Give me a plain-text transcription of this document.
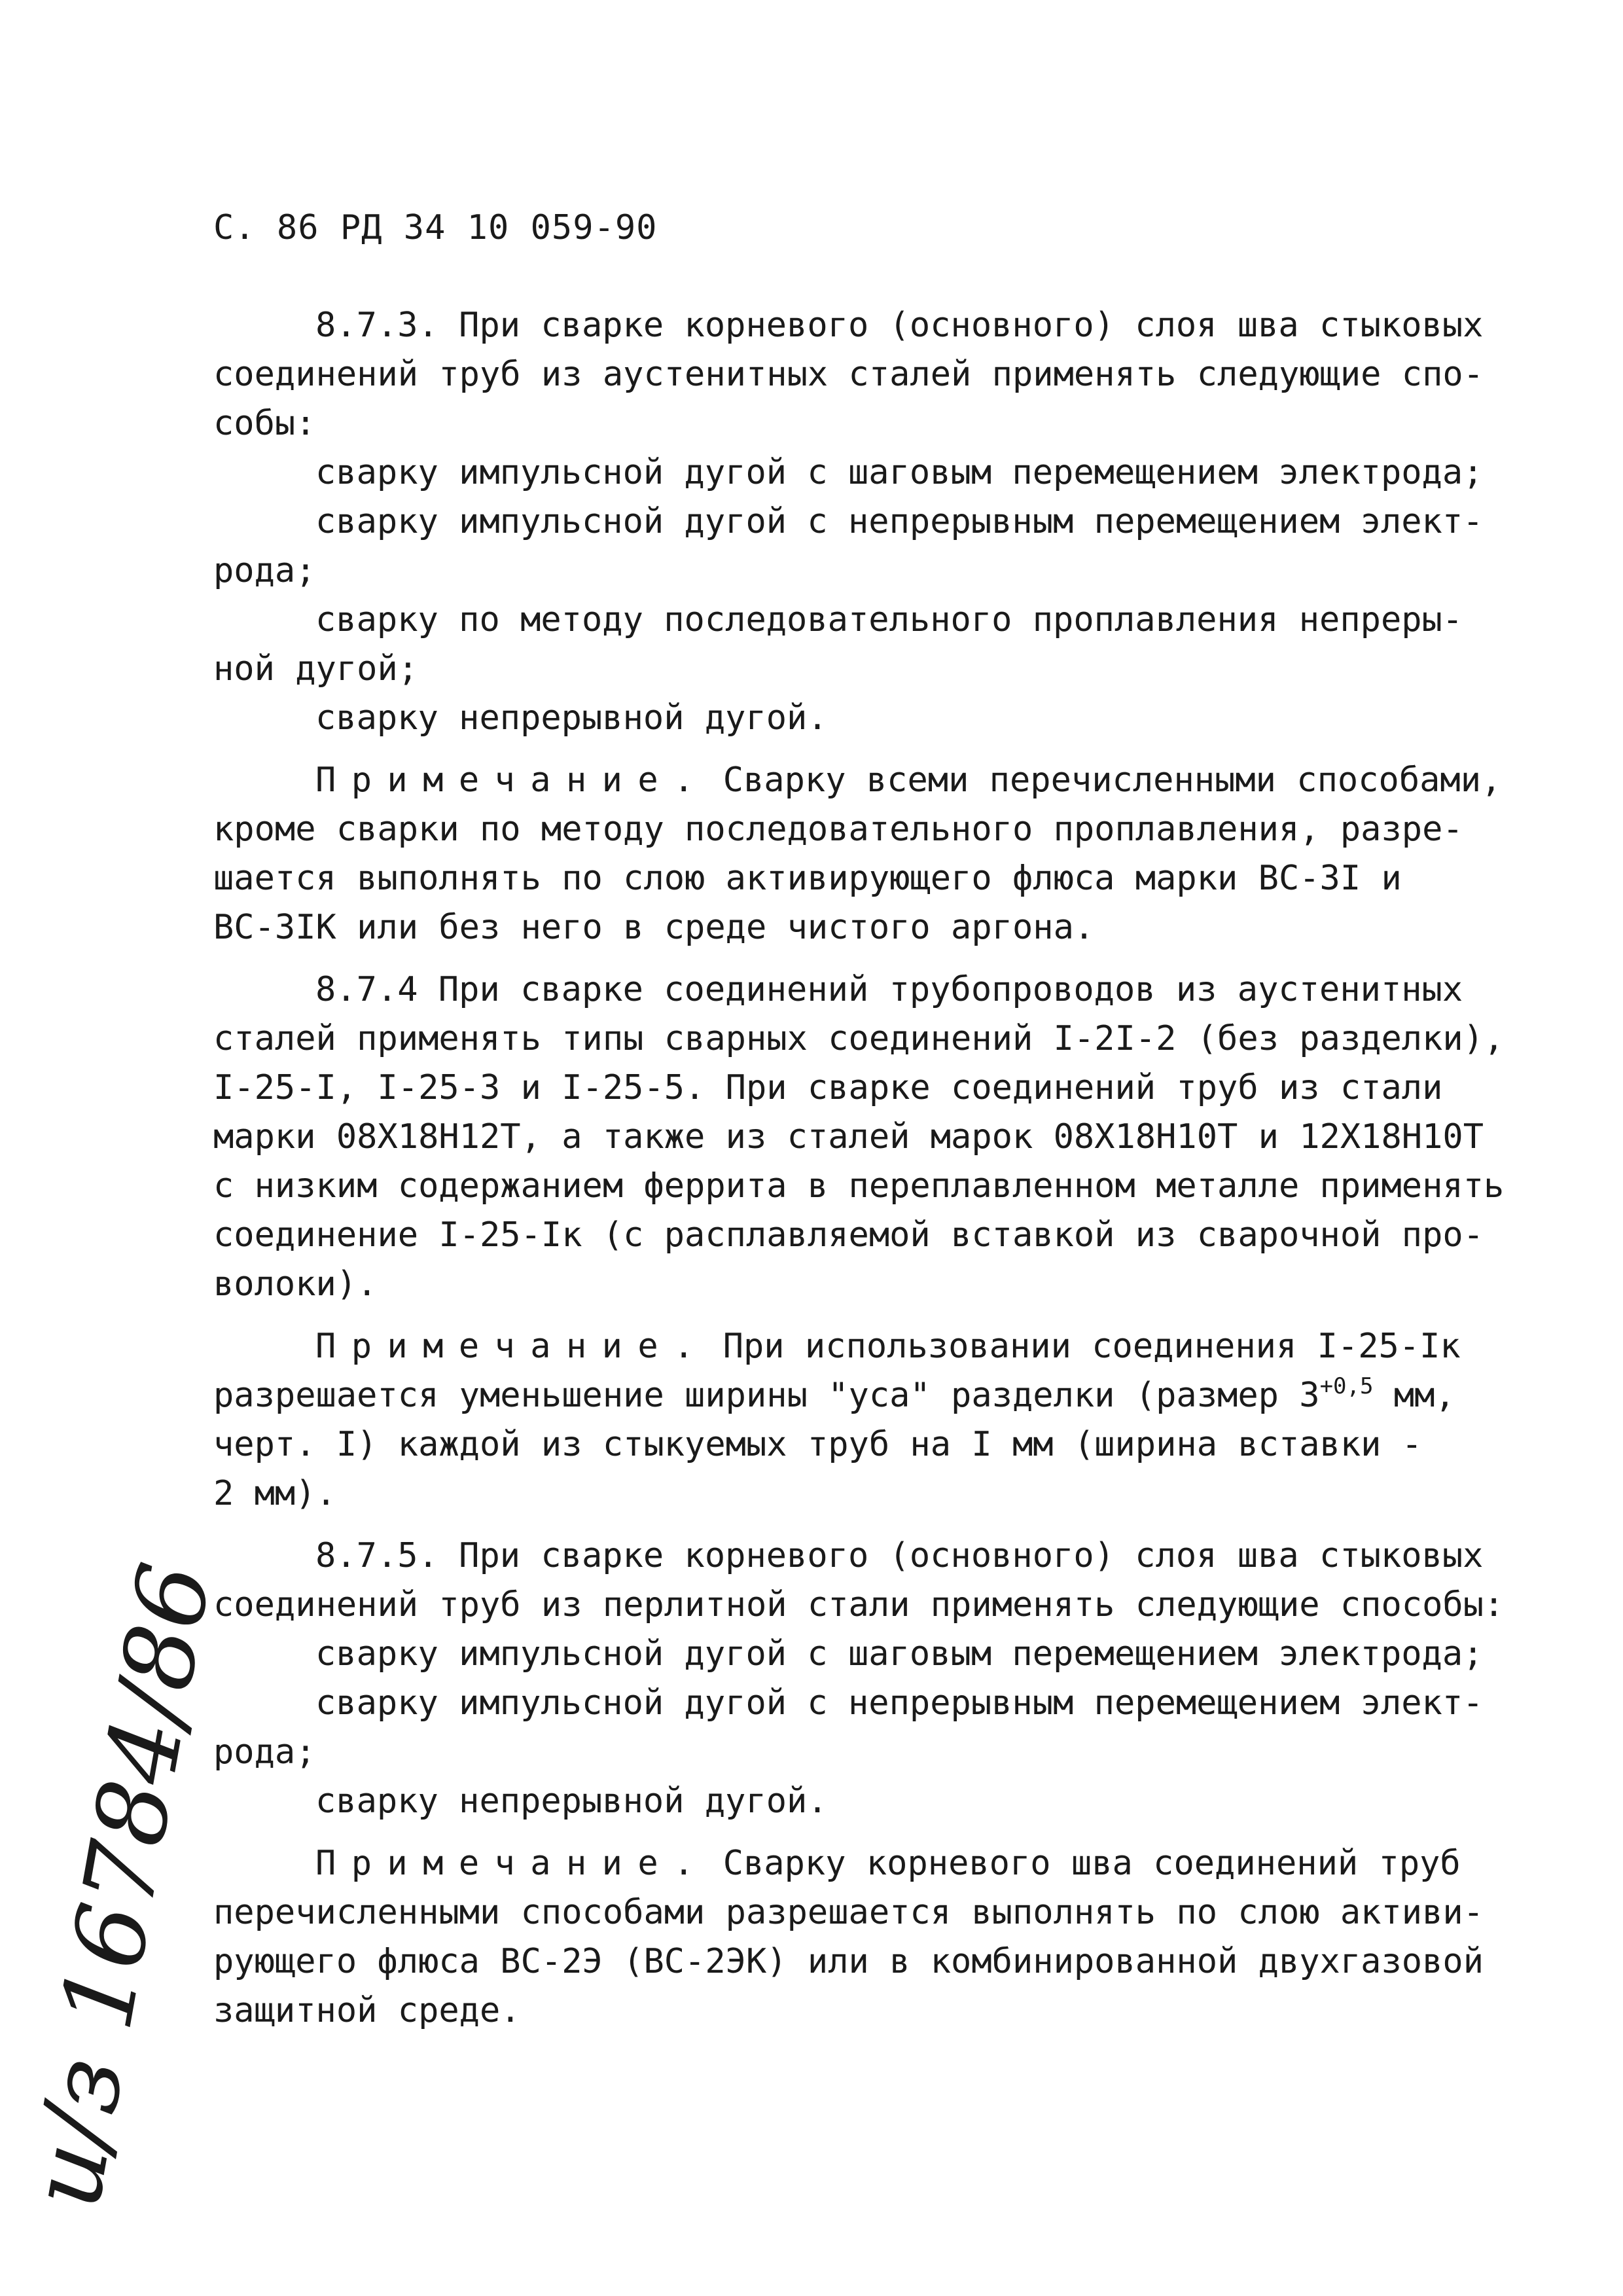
С. 86 РД 34 10 059-90

8.7.3. При сварке корневого (основного) слоя шва стыковых

соединений труб из аустенитных сталей применять следующие спо-

собы:

сварку импульсной дугой с шаговым перемещением электрода;

сварку импульсной дугой с непрерывным перемещением элект-

рода;

сварку по методу последовательного проплавления непреры-

ной дугой;

сварку непрерывной дугой.

Примечание. Сваркy всеми перечисленными способами,

кроме сварки по методу последовательного проплавления, разре-

шается выполнять по слою активирующего флюса марки ВС-3I и

ВС-3IК или без него в среде чистого аргона.

8.7.4 При сварке соединений трубопроводов из аустенитных

сталей применять типы сварных соединений I-2I-2 (без разделки),

I-25-I, I-25-3 и I-25-5. При сварке соединений труб из стали

марки 08Х18Н12Т, а также из сталей марок 08Х18Н10Т и 12Х18Н10Т

с низким содержанием феррита в переплавленном металле применять

соединение I-25-Iк (с расплавляемой вставкой из сварочной про-

волоки).

Примечание. При использовании соединения I-25-Iк

разрешается уменьшение ширины "уса" разделки (размер $3^{+0,5}$ мм,

черт. I) каждой из стыкуемых труб на I мм (ширина вставки -

2 мм).

8.7.5. При сварке корневого (основного) слоя шва стыковых

соединений труб из перлитной стали применять следующие способы:

сварку импульсной дугой с шаговым перемещением электрода;

сварку импульсной дугой с непрерывным перемещением элект-

рода;

сварку непрерывной дугой.

Примечание. Сварку корневого шва соединений труб

перечисленными способами разрешается выполнять по слою активи-

рующего флюса ВС-2Э (ВС-2ЭК) или в комбинированной двухгазовой

защитной среде.

и/з 16784/86
